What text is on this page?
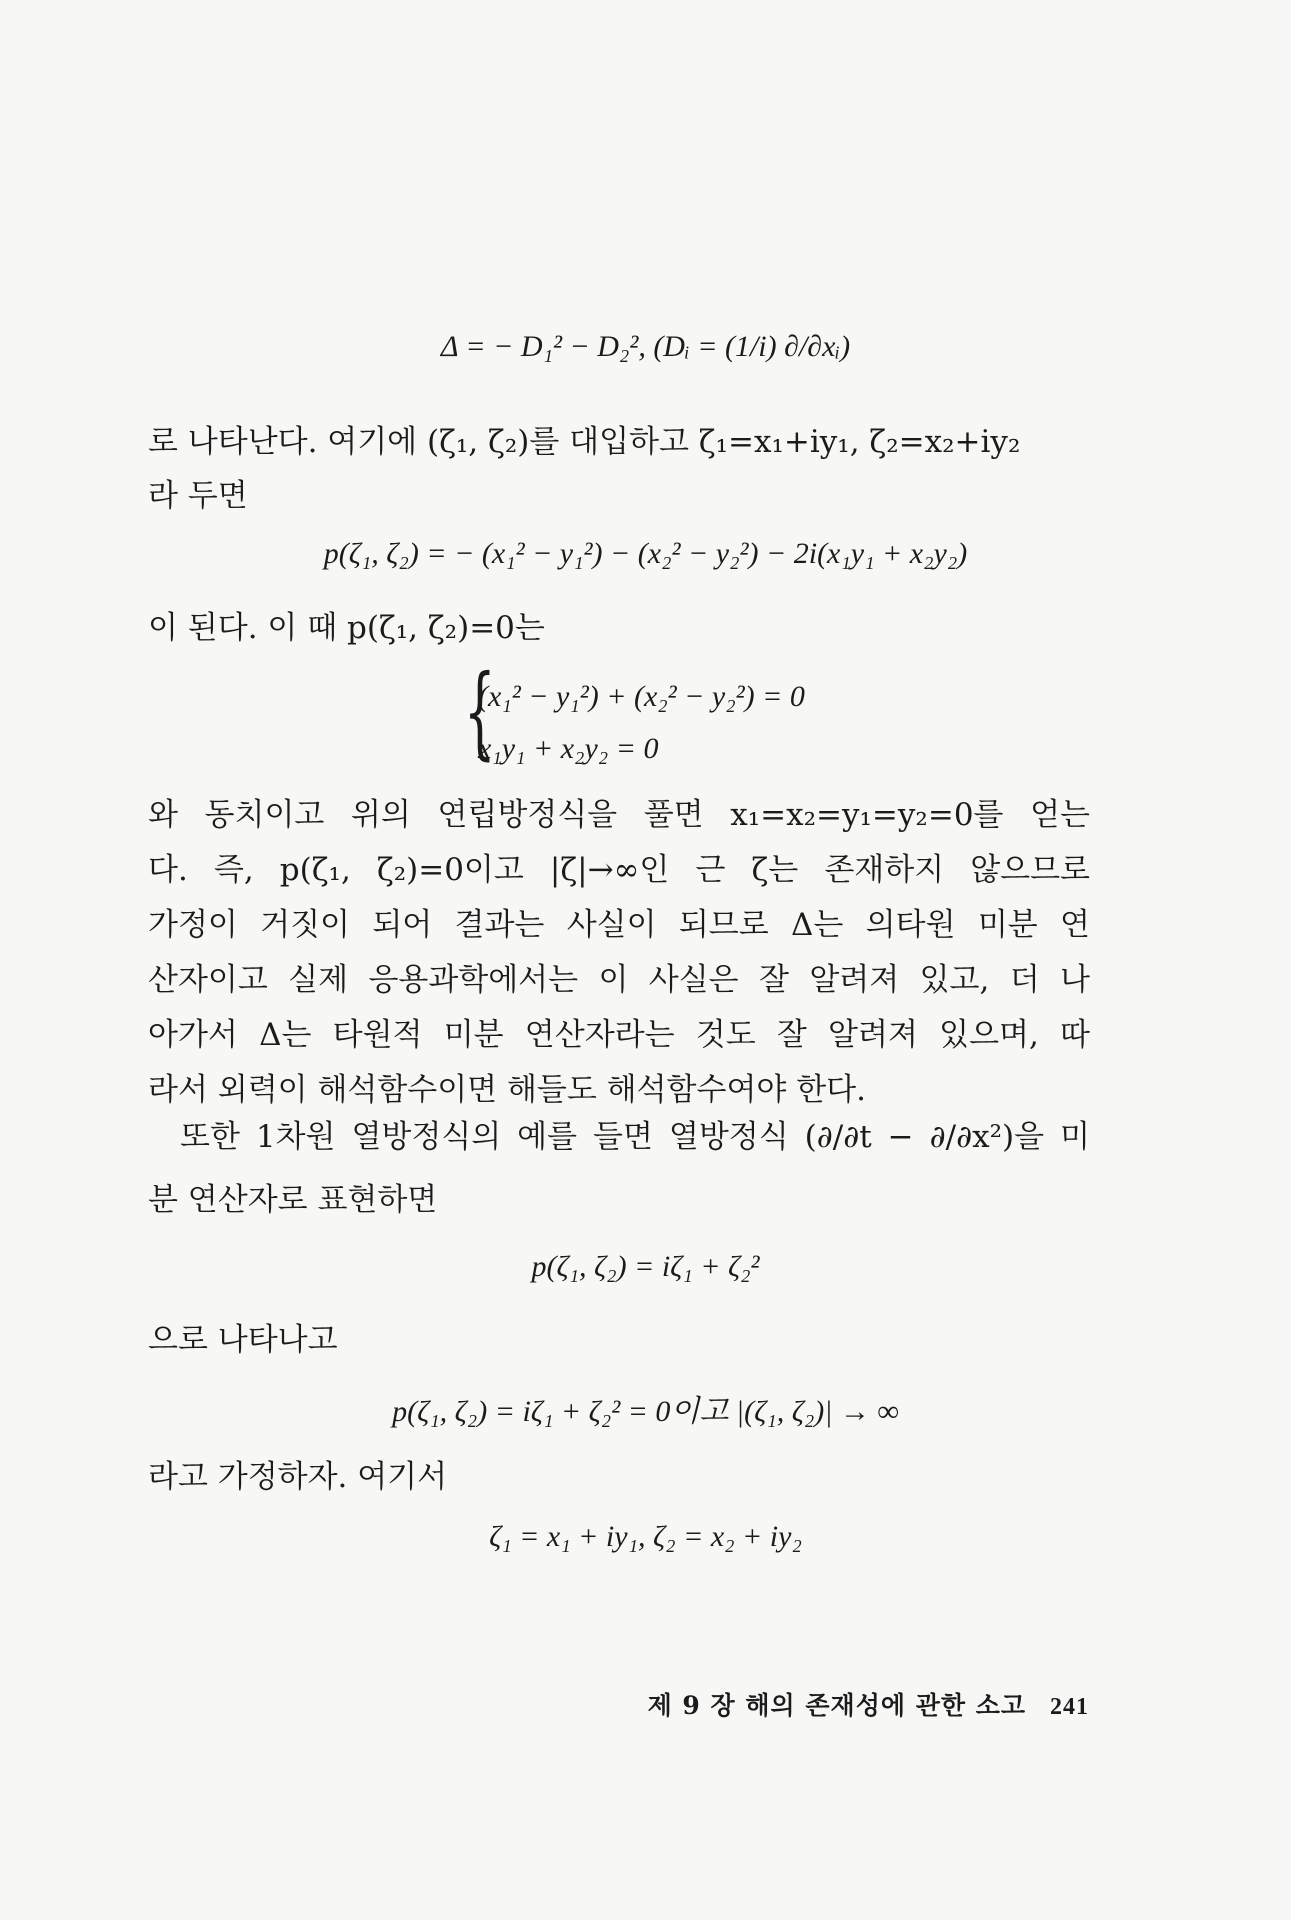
Δ = − D₁² − D₂², (Dᵢ = (1/i) ∂/∂xᵢ)
로 나타난다. 여기에 (ζ₁, ζ₂)를 대입하고 ζ₁=x₁+iy₁, ζ₂=x₂+iy₂
라 두면
p(ζ₁, ζ₂) = − (x₁² − y₁²) − (x₂² − y₂²) − 2i(x₁y₁ + x₂y₂)
이 된다. 이 때 p(ζ₁, ζ₂)=0는
{
(x₁² − y₁²) + (x₂² − y₂²) = 0
x₁y₁ + x₂y₂ = 0
와 동치이고 위의 연립방정식을 풀면 x₁=x₂=y₁=y₂=0를 얻는
다. 즉, p(ζ₁, ζ₂)=0이고 |ζ|→∞인 근 ζ는 존재하지 않으므로
가정이 거짓이 되어 결과는 사실이 되므로 Δ는 의타원 미분 연
산자이고 실제 응용과학에서는 이 사실은 잘 알려져 있고, 더 나
아가서 Δ는 타원적 미분 연산자라는 것도 잘 알려져 있으며, 따
라서 외력이 해석함수이면 해들도 해석함수여야 한다.
또한 1차원 열방정식의 예를 들면 열방정식 (∂/∂t − ∂/∂x²)을 미
분 연산자로 표현하면
p(ζ₁, ζ₂) = iζ₁ + ζ₂²
으로 나타나고
p(ζ₁, ζ₂) = iζ₁ + ζ₂² = 0이고 |(ζ₁, ζ₂)| → ∞
라고 가정하자. 여기서
ζ₁ = x₁ + iy₁, ζ₂ = x₂ + iy₂
제 9 장 해의 존재성에 관한 소고 241
